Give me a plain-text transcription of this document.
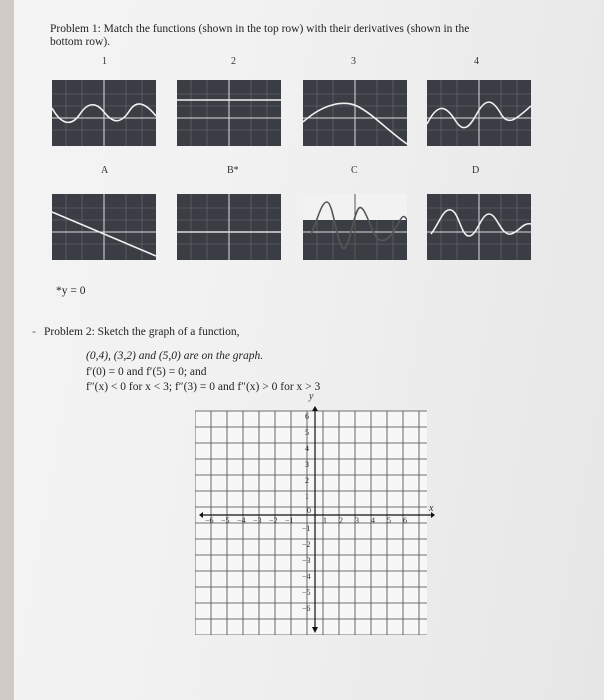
Problem 1: Match the functions (shown in the top row) with their derivatives (shown in the
bottom row).
1	2	3	4
A	B*	C	D
*y = 0
- Problem 2: Sketch the graph of a function,
(0,4), (3,2) and (5,0) are on the graph.
f′(0) = 0 and f′(5) = 0; and
f″(x) < 0 for x < 3; f″(3) = 0 and f″(x) > 0 for x > 3
y
x
−6 −5 −4 −3 −2 −1
0
1 2 3 4 5 6
6
5
4
3
2
1
−1
−2
−3
−4
−5
−6
